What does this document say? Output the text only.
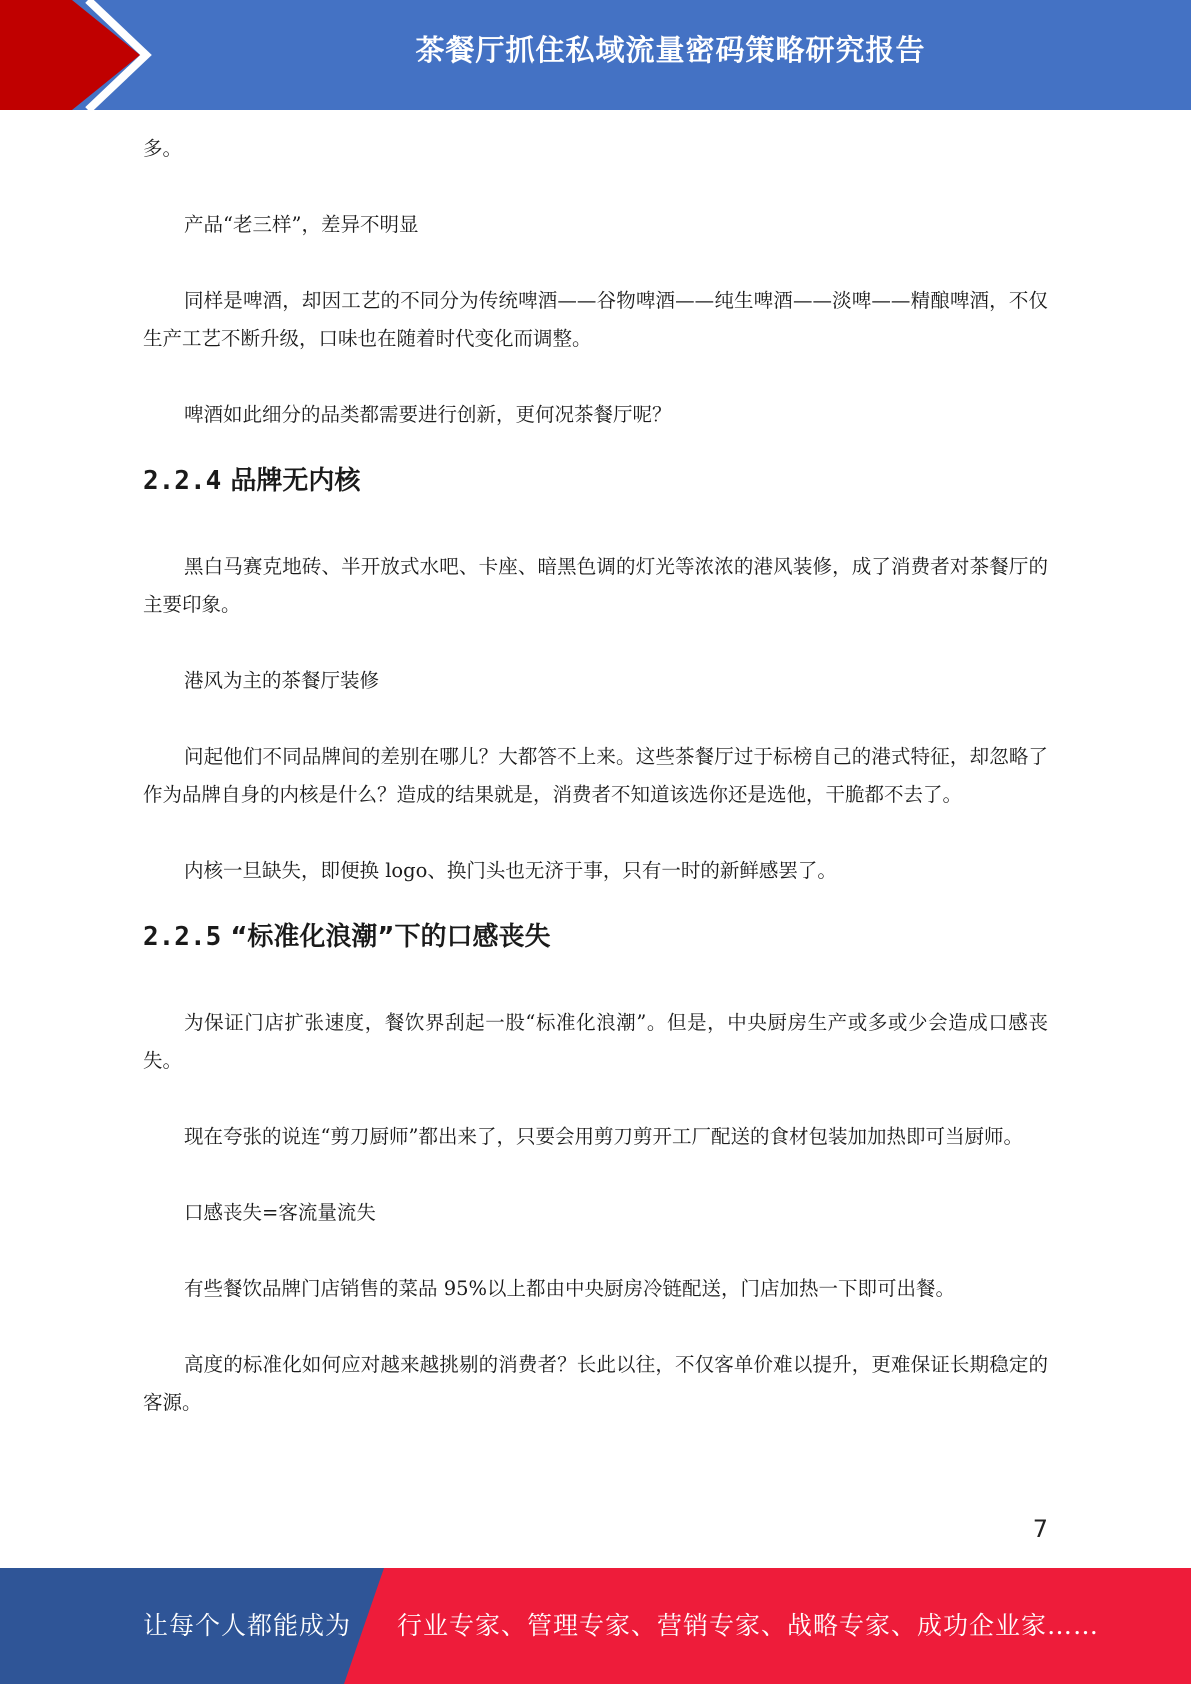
茶餐厅抓住私域流量密码策略研究报告

多。

产品“老三样”，差异不明显

同样是啤酒，却因工艺的不同分为传统啤酒——谷物啤酒——纯生啤酒——淡啤——精酿啤酒，不仅生产工艺不断升级，口味也在随着时代变化而调整。

啤酒如此细分的品类都需要进行创新，更何况茶餐厅呢？

2.2.4 品牌无内核

黑白马赛克地砖、半开放式水吧、卡座、暗黑色调的灯光等浓浓的港风装修，成了消费者对茶餐厅的主要印象。

港风为主的茶餐厅装修

问起他们不同品牌间的差别在哪儿？大都答不上来。这些茶餐厅过于标榜自己的港式特征，却忽略了作为品牌自身的内核是什么？造成的结果就是，消费者不知道该选你还是选他，干脆都不去了。

内核一旦缺失，即便换 logo、换门头也无济于事，只有一时的新鲜感罢了。

2.2.5 “标准化浪潮”下的口感丧失

为保证门店扩张速度，餐饮界刮起一股“标准化浪潮”。但是，中央厨房生产或多或少会造成口感丧失。

现在夸张的说连“剪刀厨师”都出来了，只要会用剪刀剪开工厂配送的食材包装加加热即可当厨师。

口感丧失=客流量流失

有些餐饮品牌门店销售的菜品 95%以上都由中央厨房冷链配送，门店加热一下即可出餐。

高度的标准化如何应对越来越挑剔的消费者？长此以往，不仅客单价难以提升，更难保证长期稳定的客源。

7
让每个人都能成为 行业专家、管理专家、营销专家、战略专家、成功企业家……
